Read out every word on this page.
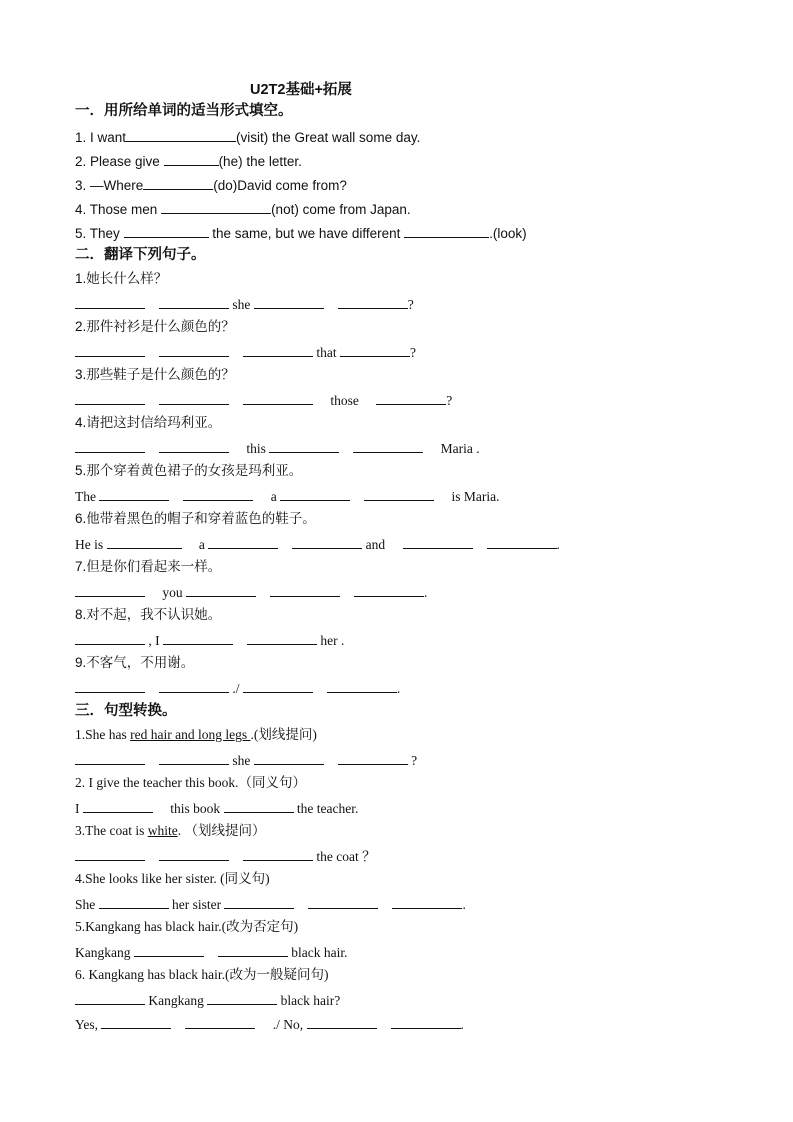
U2T2基础+拓展
一．用所给单词的适当形式填空。
1. I want	(visit) the Great wall some day.
2. Please give	(he) the letter.
3. —Where	(do)David come from?
4. Those men	(not) come from Japan.
5. They	the same, but we have different	.(look)
二．翻译下列句子。
1.她长什么样？
she	?
2.那件衬衫是什么颜色的？
that	?
3.那些鞋子是什么颜色的？
those	?
4.请把这封信给玛利亚。
this	Maria .
5.那个穿着黄色裙子的女孩是玛利亚。
The	a	is Maria.
6.他带着黑色的帽子和穿着蓝色的鞋子。
He is	a	and	.
7.但是你们看起来一样。
you	.
8.对不起，我不认识她。
, I	her .
9.不客气，不用谢。
./	.
三．句型转换。
1.She has red hair and long legs .(划线提问)
she	?
2. I give the teacher this book.（同义句）
I	this book	the teacher.
3.The coat is white. （划线提问）
the coat ？
4.She looks like her sister. (同义句)
She	her sister	.
5.Kangkang has black hair.(改为否定句)
Kangkang	black hair.
6. Kangkang has black hair.(改为一般疑问句)
Kangkang	black hair?
Yes,	./ No,	.
